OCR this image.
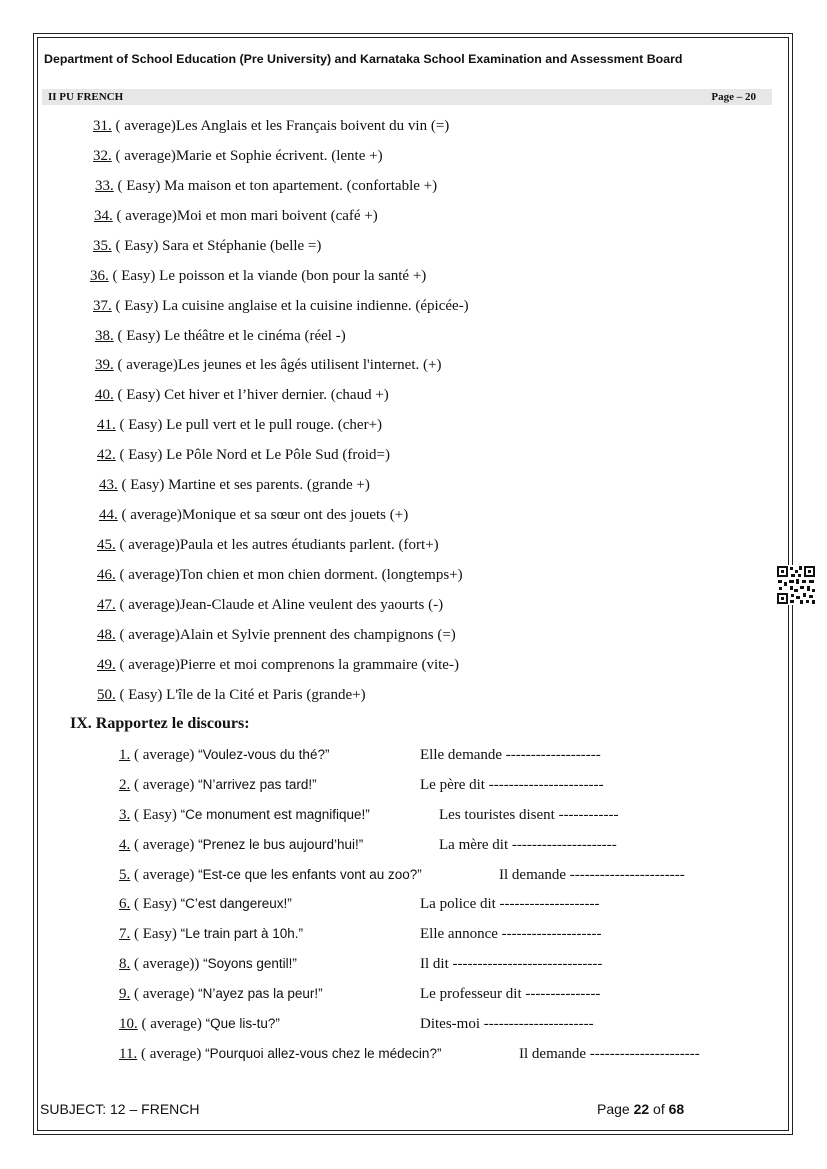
Department of School Education (Pre University) and Karnataka School Examination and Assessment Board
II PU FRENCH	Page – 20
31. ( average)Les Anglais et les Français boivent du vin (=)
32. ( average)Marie et Sophie écrivent. (lente +)
33. ( Easy) Ma maison et ton apartement. (confortable +)
34. ( average)Moi et mon mari boivent (café +)
35. ( Easy) Sara et Stéphanie (belle =)
36. ( Easy) Le poisson et la viande (bon pour la santé +)
37. ( Easy) La cuisine anglaise et la cuisine indienne. (épicée-)
38. ( Easy) Le théâtre et le cinéma (réel -)
39. ( average)Les jeunes et les âgés utilisent l'internet. (+)
40. ( Easy) Cet hiver et l’hiver dernier. (chaud +)
41. ( Easy) Le pull vert et le pull rouge. (cher+)
42. ( Easy) Le Pôle Nord et Le Pôle Sud (froid=)
43. ( Easy) Martine et ses parents. (grande +)
44. ( average)Monique et sa sœur ont des jouets (+)
45. ( average)Paula et les autres étudiants parlent. (fort+)
46. ( average)Ton chien et mon chien dorment. (longtemps+)
47. ( average)Jean-Claude et Aline veulent des yaourts (-)
48. ( average)Alain et Sylvie prennent des champignons (=)
49. ( average)Pierre et moi comprenons la grammaire (vite-)
50. ( Easy) L'île de la Cité et Paris (grande+)
IX. Rapportez le discours:
1. ( average) “Voulez-vous du thé?”	Elle demande -------------------
2. ( average) “N’arrivez pas tard!”	Le père dit -----------------------
3. ( Easy) “Ce monument est magnifique!”	Les touristes disent ------------
4. ( average) “Prenez le bus aujourd’hui!”	La mère dit ---------------------
5. ( average) “Est-ce que les enfants vont au zoo?”	Il demande -----------------------
6. ( Easy) “C’est dangereux!”	La police dit --------------------
7. ( Easy) “Le train part à 10h.”	Elle annonce --------------------
8. ( average)) “Soyons gentil!”	Il dit ------------------------------
9. ( average) “N’ayez pas la peur!”	Le professeur dit ---------------
10. ( average) “Que lis-tu?”	Dites-moi ----------------------
11. ( average) “Pourquoi allez-vous chez le médecin?”	Il demande ----------------------
SUBJECT: 12 – FRENCH	Page 22 of 68
